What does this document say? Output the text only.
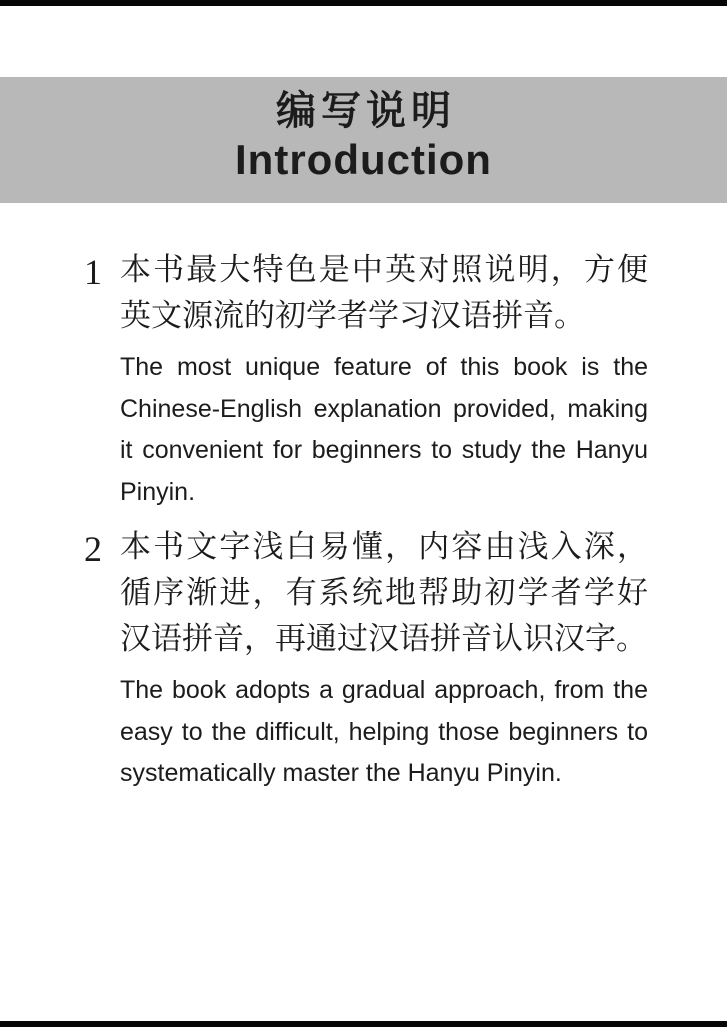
编写说明
Introduction
1 本书最大特色是中英对照说明，方便
英文源流的初学者学习汉语拼音。
The most unique feature of this book is the
Chinese-English explanation provided, making
it convenient for beginners to study the Hanyu
Pinyin.
2 本书文字浅白易懂，内容由浅入深，
循序渐进，有系统地帮助初学者学好
汉语拼音，再通过汉语拼音认识汉字。
The book adopts a gradual approach, from the
easy to the difficult, helping those beginners to
systematically master the Hanyu Pinyin.
